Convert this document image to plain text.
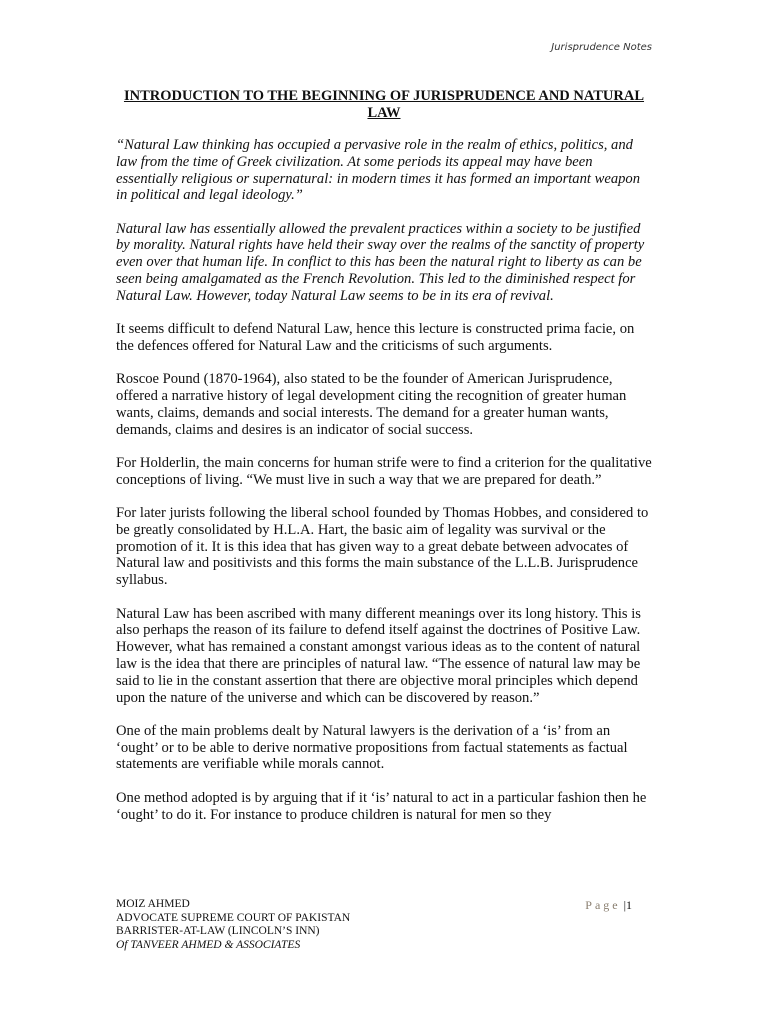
Jurisprudence Notes
INTRODUCTION TO THE BEGINNING OF JURISPRUDENCE AND NATURAL LAW

“Natural Law thinking has occupied a pervasive role in the realm of ethics, politics, and law from the time of Greek civilization. At some periods its appeal may have been essentially religious or supernatural: in modern times it has formed an important weapon in political and legal ideology.”

Natural law has essentially allowed the prevalent practices within a society to be justified by morality. Natural rights have held their sway over the realms of the sanctity of property even over that human life. In conflict to this has been the natural right to liberty as can be seen being amalgamated as the French Revolution. This led to the diminished respect for Natural Law. However, today Natural Law seems to be in its era of revival.

It seems difficult to defend Natural Law, hence this lecture is constructed prima facie, on the defences offered for Natural Law and the criticisms of such arguments.

Roscoe Pound (1870-1964), also stated to be the founder of American Jurisprudence, offered a narrative history of legal development citing the recognition of greater human wants, claims, demands and social interests. The demand for a greater human wants, demands, claims and desires is an indicator of social success.

For Holderlin, the main concerns for human strife were to find a criterion for the qualitative conceptions of living. “We must live in such a way that we are prepared for death.”

For later jurists following the liberal school founded by Thomas Hobbes, and considered to be greatly consolidated by H.L.A. Hart, the basic aim of legality was survival or the promotion of it. It is this idea that has given way to a great debate between advocates of Natural law and positivists and this forms the main substance of the L.L.B. Jurisprudence syllabus.

Natural Law has been ascribed with many different meanings over its long history. This is also perhaps the reason of its failure to defend itself against the doctrines of Positive Law. However, what has remained a constant amongst various ideas as to the content of natural law is the idea that there are principles of natural law. “The essence of natural law may be said to lie in the constant assertion that there are objective moral principles which depend upon the nature of the universe and which can be discovered by reason.”

One of the main problems dealt by Natural lawyers is the derivation of a ‘is’ from an ‘ought’ or to be able to derive normative propositions from factual statements as factual statements are verifiable while morals cannot.

One method adopted is by arguing that if it ‘is’ natural to act in a particular fashion then he ‘ought’ to do it. For instance to produce children is natural for men so they

MOIZ AHMED
ADVOCATE SUPREME COURT OF PAKISTAN
BARRISTER-AT-LAW (LINCOLN’S INN)
Of TANVEER AHMED & ASSOCIATES
Page |1
